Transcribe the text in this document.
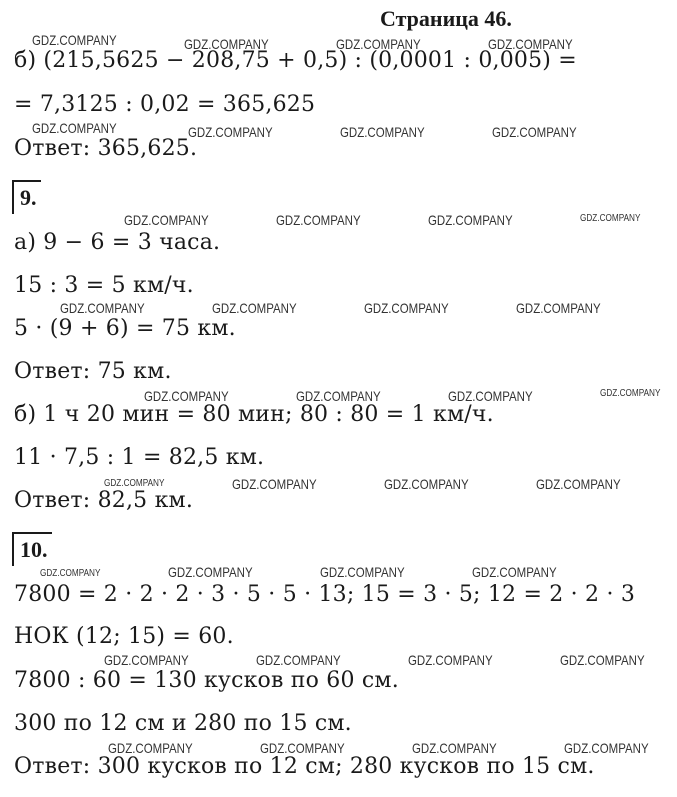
Страница 46.
б) (215,5625 − 208,75 + 0,5) : (0,0001 : 0,005) =
= 7,3125 : 0,02 = 365,625
Ответ: 365,625.
9.
а) 9 − 6 = 3 часа.
15 : 3 = 5 км/ч.
5 · (9 + 6) = 75 км.
Ответ: 75 км.
б) 1 ч 20 мин = 80 мин; 80 : 80 = 1 км/ч.
11 · 7,5 : 1 = 82,5 км.
Ответ: 82,5 км.
10.
7800 = 2 · 2 · 2 · 3 · 5 · 5 · 13; 15 = 3 · 5; 12 = 2 · 2 · 3
НОК (12; 15) = 60.
7800 : 60 = 130 кусков по 60 см.
300 по 12 см и 280 по 15 см.
Ответ: 300 кусков по 12 см; 280 кусков по 15 см.
GDZ.COMPANY	GDZ.COMPANY	GDZ.COMPANY	GDZ.COMPANY
GDZ.COMPANY	GDZ.COMPANY	GDZ.COMPANY	GDZ.COMPANY
GDZ.COMPANY	GDZ.COMPANY	GDZ.COMPANY	GDZ.COMPANY
GDZ.COMPANY	GDZ.COMPANY	GDZ.COMPANY	GDZ.COMPANY
GDZ.COMPANY	GDZ.COMPANY	GDZ.COMPANY	GDZ.COMPANY
GDZ.COMPANY	GDZ.COMPANY	GDZ.COMPANY	GDZ.COMPANY
GDZ.COMPANY	GDZ.COMPANY	GDZ.COMPANY	GDZ.COMPANY
GDZ.COMPANY	GDZ.COMPANY	GDZ.COMPANY	GDZ.COMPANY
GDZ.COMPANY	GDZ.COMPANY	GDZ.COMPANY	GDZ.COMPANY
